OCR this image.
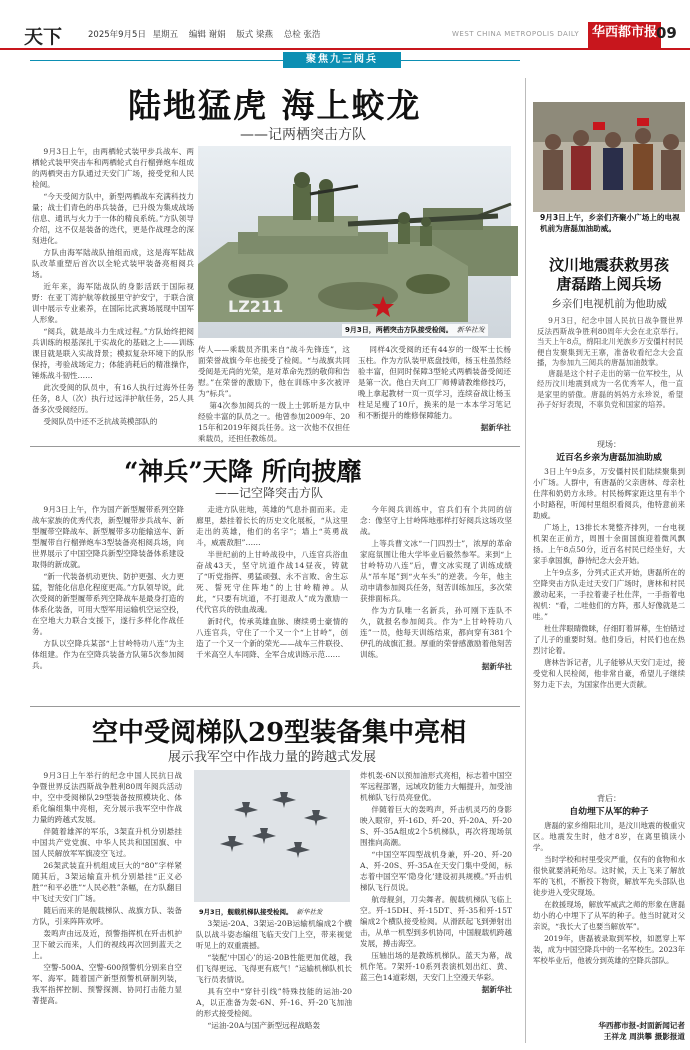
天下	2025年9月5日 星期五 编辑 谢娟 版式 梁燕 总检 张浩	WEST CHINA METROPOLIS DAILY 华西都市报
09
聚焦九三阅兵
陆地猛虎 海上蛟龙
——记两栖突击方队

9月3日上午，由两栖轮式装甲步兵战车、两栖轮式装甲突击车和两栖轮式自行榴弹炮车组成的两栖突击方队通过天安门广场，接受党和人民检阅。

“今天受阅方队中，新型两栖战车充满科技力量；战士们青色的串兵装备，已升级为集成战场信息、通讯与火力于一体的精良系统。”方队领导介绍，这不仅是装备的迭代，更是作战理念的深刻进化。

方队由海军陆战队抽组而成，这是海军陆战队改革重塑后首次以全轮式装甲装备亮相阅兵场。

近年来，海军陆战队的身影活跃于国际视野：在亚丁湾护航等救援里守护安宁，于联合演训中展示专业素养，在国际比武赛场展现中国军人形象。

“阅兵，就是战斗力生成过程。”方队始终把阅兵训练的根基深扎于实战化的基础之上——训练课目就是联入实战背景；模拟复杂环境下的队形保持，考验战场定力；体能消耗后的精准操作，锤炼战斗韧性……

此次受阅的队员中，有16人执行过海外任务任务，8人（次）执行过远洋护航任务，25人具备多次受阅经历。

受阅队员中还不乏抗战英模部队的

LZ211
9月3日，两栖突击方队接受检阅。 新华社发

传人——乘载员齐肌来自“战斗先锋连”，这面荣誉战旗今年也接受了检阅。“与战旗共同受阅是无尚的光荣，是对革命先烈的敬仰和告慰。”在荣誉的激励下，他在训练中多次被评为“标兵”。

第4次参加阅兵的一级上士郭昕是方队中经验丰富的队员之一。他曾参加2009年、2015年和2019年阅兵任务。这一次他不仅担任乘载员，还担任教练员。

同样4次受阅的还有44岁的一级军士长杨玉柱。作为方队装甲底盘技师，杨玉柱虽然经验丰富，但同时保障3型轮式两栖装备受阅还是第一次。他白天向工厂师傅请教维修技巧，晚上拿起教材一页一页学习，连续奋战让杨玉柱足足瘦了10斤，换来的是一本本学习笔记和不断提升的维修保障能力。

据新华社
“神兵”天降 所向披靡
——记空降突击方队

9月3日上午，作为国产新型履带系列空降战车家族的优秀代表，新型履带步兵战车、新型履带空降战车、新型履带多功能输送车、新型履带自行榴弹炮车3型装备亮相阅兵场，向世界展示了中国空降兵新型空降装备体系建设取得的新成就。

“新一代装备机动更快、防护更强、火力更猛，智能化信息化程度更高。”方队领导说，此次受阅的新型履带系列空降战车是最身打造的体系化装备，可用大型军用运输机空运空投，在空地大力联合支援下，遂行多样化作战任务。

方队以空降兵某部“上甘岭特功八连”为主体组建。作为在空降兵装备方队第5次参加阅兵。

走进方队驻地，英雄的气息扑面而来。走廊里，悬挂着长长的历史文化展板，“从这里走出的英雄，他们的名字”；墙上“英勇战斗，威震敌胆”……

半世纪前的上甘岭战役中，八连官兵浴血奋战43天，坚守坑道作战14昼夜，铸就了“听党指挥、勇猛顽强、永不言败、舍生忘死、誓死守住阵地”的上甘岭精神。从此，“只要有坑道，不打退敌人”成为激励一代代官兵的铁血战魂。

新时代，传承英雄血脉、赓续勇士豪情的八连官兵，守住了一个又一个“上甘岭”，创造了一个又一个新的荣光——战车三件联役、千米高空人车同降、全军合成训练示范……

今年阅兵训练中，官兵们有个共同的信念：像坚守上甘岭阵地那样打好阅兵这场攻坚战。

上等兵曹文冰“一门四烈士”，浓厚的革命家庭氛围让他大学毕业后毅然参军。来到“上甘岭特功八连”后，曹文冰实现了训练成绩从“吊车尾”到“火车头”的逆袭。今年，他主动申请参加阅兵任务，刻苦训练加压，多次荣获排面标兵。

作为方队唯一名新兵，孙可刚下连队不久，就报名参加阅兵。作为“上甘岭特功八连”一员，他每天训练结束，都向穿有381个伊孔的战旗汇报。厚重的荣誉感激励着他刻苦训练。

据新华社
空中受阅梯队29型装备集中亮相
展示我军空中作战力量的跨越式发展

9月3日上午举行的纪念中国人民抗日战争暨世界反法西斯战争胜利80周年阅兵活动中，空中受阅梯队29型装备按照模块化、体系化编组集中亮相，充分展示我军空中作战力量的跨越式发展。

伴随着雄浑的军乐，3架直升机分别悬挂中国共产党党旗、中华人民共和国国旗、中国人民解放军军旗凌空飞过。

26架武装直升机组成巨大的“80”字样紧随其后，3架运输直升机分别悬挂“正义必胜”“和平必胜”“人民必胜”条幅，在方队翻目中飞过天安门广场。

随后而来的是舰载梯队、战旗方队、装备方队，引来阵阵欢呼。

轰鸣声由远及近，预警指挥机在歼击机护卫下破云而来，人们的视线再次回到蓝天之上。

空警-500A、空警-600预警机分别来自空军、海军。随着国产新型预警机研制列装，我军指挥控制、预警探测、协同打击能力显著提高。

9月3日，舰载机梯队接受检阅。 新华社发

3架运-20A、3架运-20B运输机编成2个横队以战斗姿态编组飞临天安门上空，带来视觉听见上的双重震撼。

“装配‘中国心’的运-20B性能更加优越，我们飞得更远、飞得更有底气！”运输机梯队机长飞行员表情说。

具有空中“穿针引线”特殊技能的运油-20A，以正准备为轰-6N、歼-16、歼-20飞加油的形式接受检阅。

“运油-20A与国产新型远程战略轰

炸机轰-6N以预加油形式亮相，标志着中国空军远程部署，远域攻防能力大幅提升，加受油机梯队飞行员亮登优。

伴随着巨大的轰鸣声，歼击机灵巧的身影映入眼帘，歼-16D、歼-20、歼-20A、歼-20S、歼-35A组成2个5机梯队，再次将现场氛围推向高潮。

“中国空军四型战机身兼，歼-20、歼-20A、歼-20S、歼-35A在天安门集中受阅，标志着中国空军‘隐身化’建设初具规模。”歼击机梯队飞行员说。

航母舰剑，刀尖舞者。舰载机梯队飞临上空。歼-15DH、歼-15DT、歼-35和歼-15T编成2个横队接受检阅。从滑跃起飞到弹射出击，从单一机型到多机协同，中国舰载机跨越发展，搏击海空。

压轴出场的是教练机梯队。蓝天为幕，战机作笔。7架歼-10系列表演机划出红、黄、蓝三色14道彩烟，天安门上空漫天华彩。

据新华社
9月3日上午，乡亲们齐聚小广场上的电视机前为唐磊加油助威。
汶川地震获救男孩
唐磊踏上阅兵场
乡亲们电视机前为他助威

9月3日，纪念中国人民抗日战争暨世界反法西斯战争胜利80周年大会在北京举行。当天上午8点，绵阳北川羌族乡万安僵村村民便自发聚集到无王寨，准备收看纪念大会直播，为参加九三阅兵的唐磊加油鼓掌。

唐磊是这个村子走出的第一位军校生，从经历汶川地震到成为一名优秀军人，他一直是家里的骄傲。唐磊的妈妈方永珍说，希望孙子好好表现，不辜负党和国家的培养。

现场：
近百名乡亲为唐磊加油助威

3日上午9点多，万安僵村民们陆续聚集到小广场。人群中，有唐磊的父亲唐林、母亲杜仕萍和奶奶方永珍。村民杨辉家距这里有半个小时路程，听闻村里组织看阅兵，他特意前来助威。

广场上，13排长木凳整齐排列，一台电视机架在正前方，周围十余面国旗迎着微风飘扬。上午8点50分，近百名村民已经坐好，大家手拿国旗，静待纪念大会开始。

上午9点多，分列式正式开始，唐磊所在的空降突击方队走过天安门广场时，唐林和村民激动起来，一手拉着妻子杜仕萍，一手指着电视机：“看，二哇他们的方阵，那人好像就是二哇。”

杜仕萍眼睛微眯，仔细盯着屏幕，生怕错过了儿子的重要时刻。他们身后，村民们也在热烈讨论着。

唐林告诉记者，儿子能够从天安门走过，接受党和人民检阅，他非常自豪，希望儿子继续努力走下去，为国家作出更大贡献。

背后：
自幼埋下从军的种子

唐磊的家乡绵阳北川，是汶川地震的极重灾区。地震发生时，他才8岁，在离里镇读小学。

当时学校和村里受灾严重，仅有的食物和水很快就要消耗殆尽。这时候，天上飞来了解放军的飞机，不断投下物资，解放军先头部队也徒步进入受灾现场。

在救援现场，解放军威武之师的形象在唐磊幼小的心中埋下了从军的种子。他当时就对父亲说，“我长大了也要当解放军”。

2019年，唐磊被录取到军校，如愿穿上军装，成为中国空降兵中的一名军校生。2023年军校毕业后，他被分到英雄的空降兵部队。

华西都市报-封面新闻记者
王祥龙 周洪攀 摄影报道
